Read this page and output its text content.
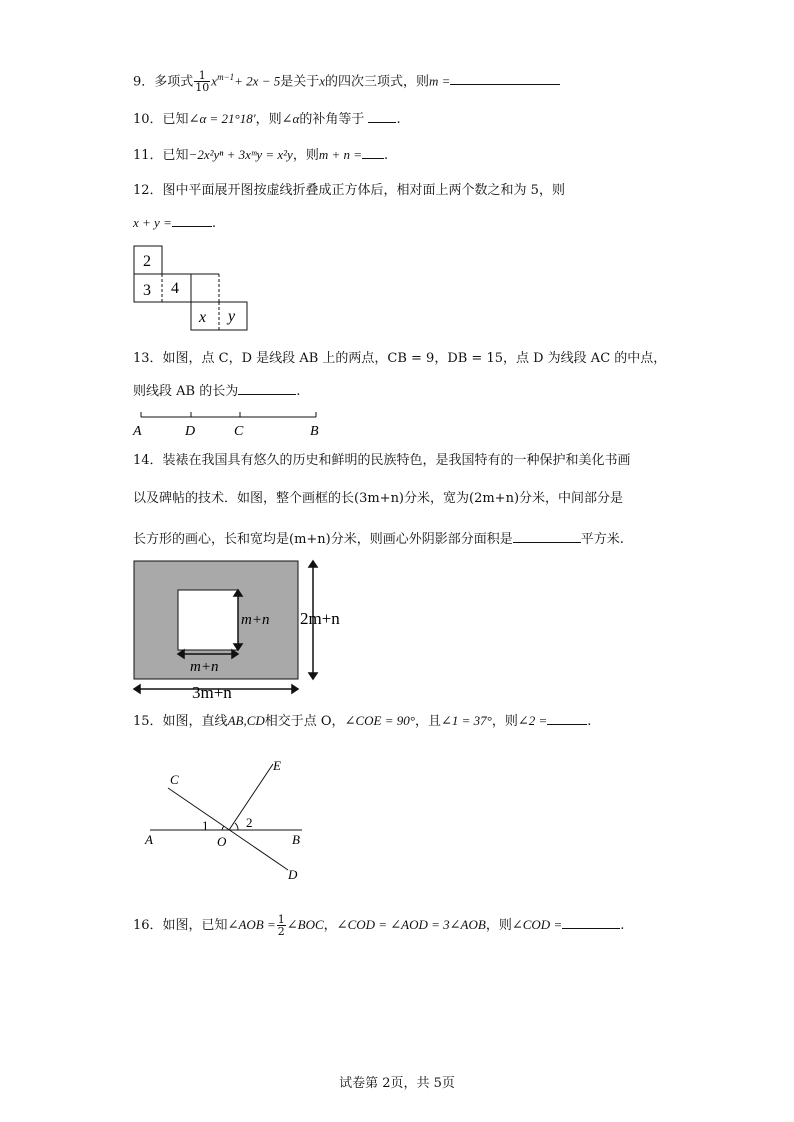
9．多项式 $\frac{1}{10} x^{m-1}+ 2x - 5$是关于x的四次三项式，则m =
10．已知∠α = 21°18′，则∠α的补角等于 .
11．已知−2x²yⁿ + 3xᵐy = x²y，则m + n = .
12．图中平面展开图按虚线折叠成正方体后，相对面上两个数之和为 5，则
x + y =	.
2
3 4
x y
13．如图，点 C，D 是线段 AB 上的两点，CB = 9，DB = 15，点 D 为线段 AC 的中点，
则线段 AB 的长为	.
A	D	C	B
14．装裱在我国具有悠久的历史和鲜明的民族特色，是我国特有的一种保护和美化书画
以及碑帖的技术．如图，整个画框的长(3m+n)分米，宽为(2m+n)分米，中间部分是
长方形的画心，长和宽均是(m+n)分米，则画心外阴影部分面积是	平方米.
m+n
m+n
2m+n
3m+n
15．如图，直线AB,CD相交于点 O，∠COE = 90°，且∠1 = 37°，则∠2 =	.
C
E
A	O	B
D
1	2
16．如图，已知∠AOB = $\frac{1}{2}$ ∠BOC，∠COD = ∠AOD = 3∠AOB，则∠COD =	.
试卷第 2页，共 5页
